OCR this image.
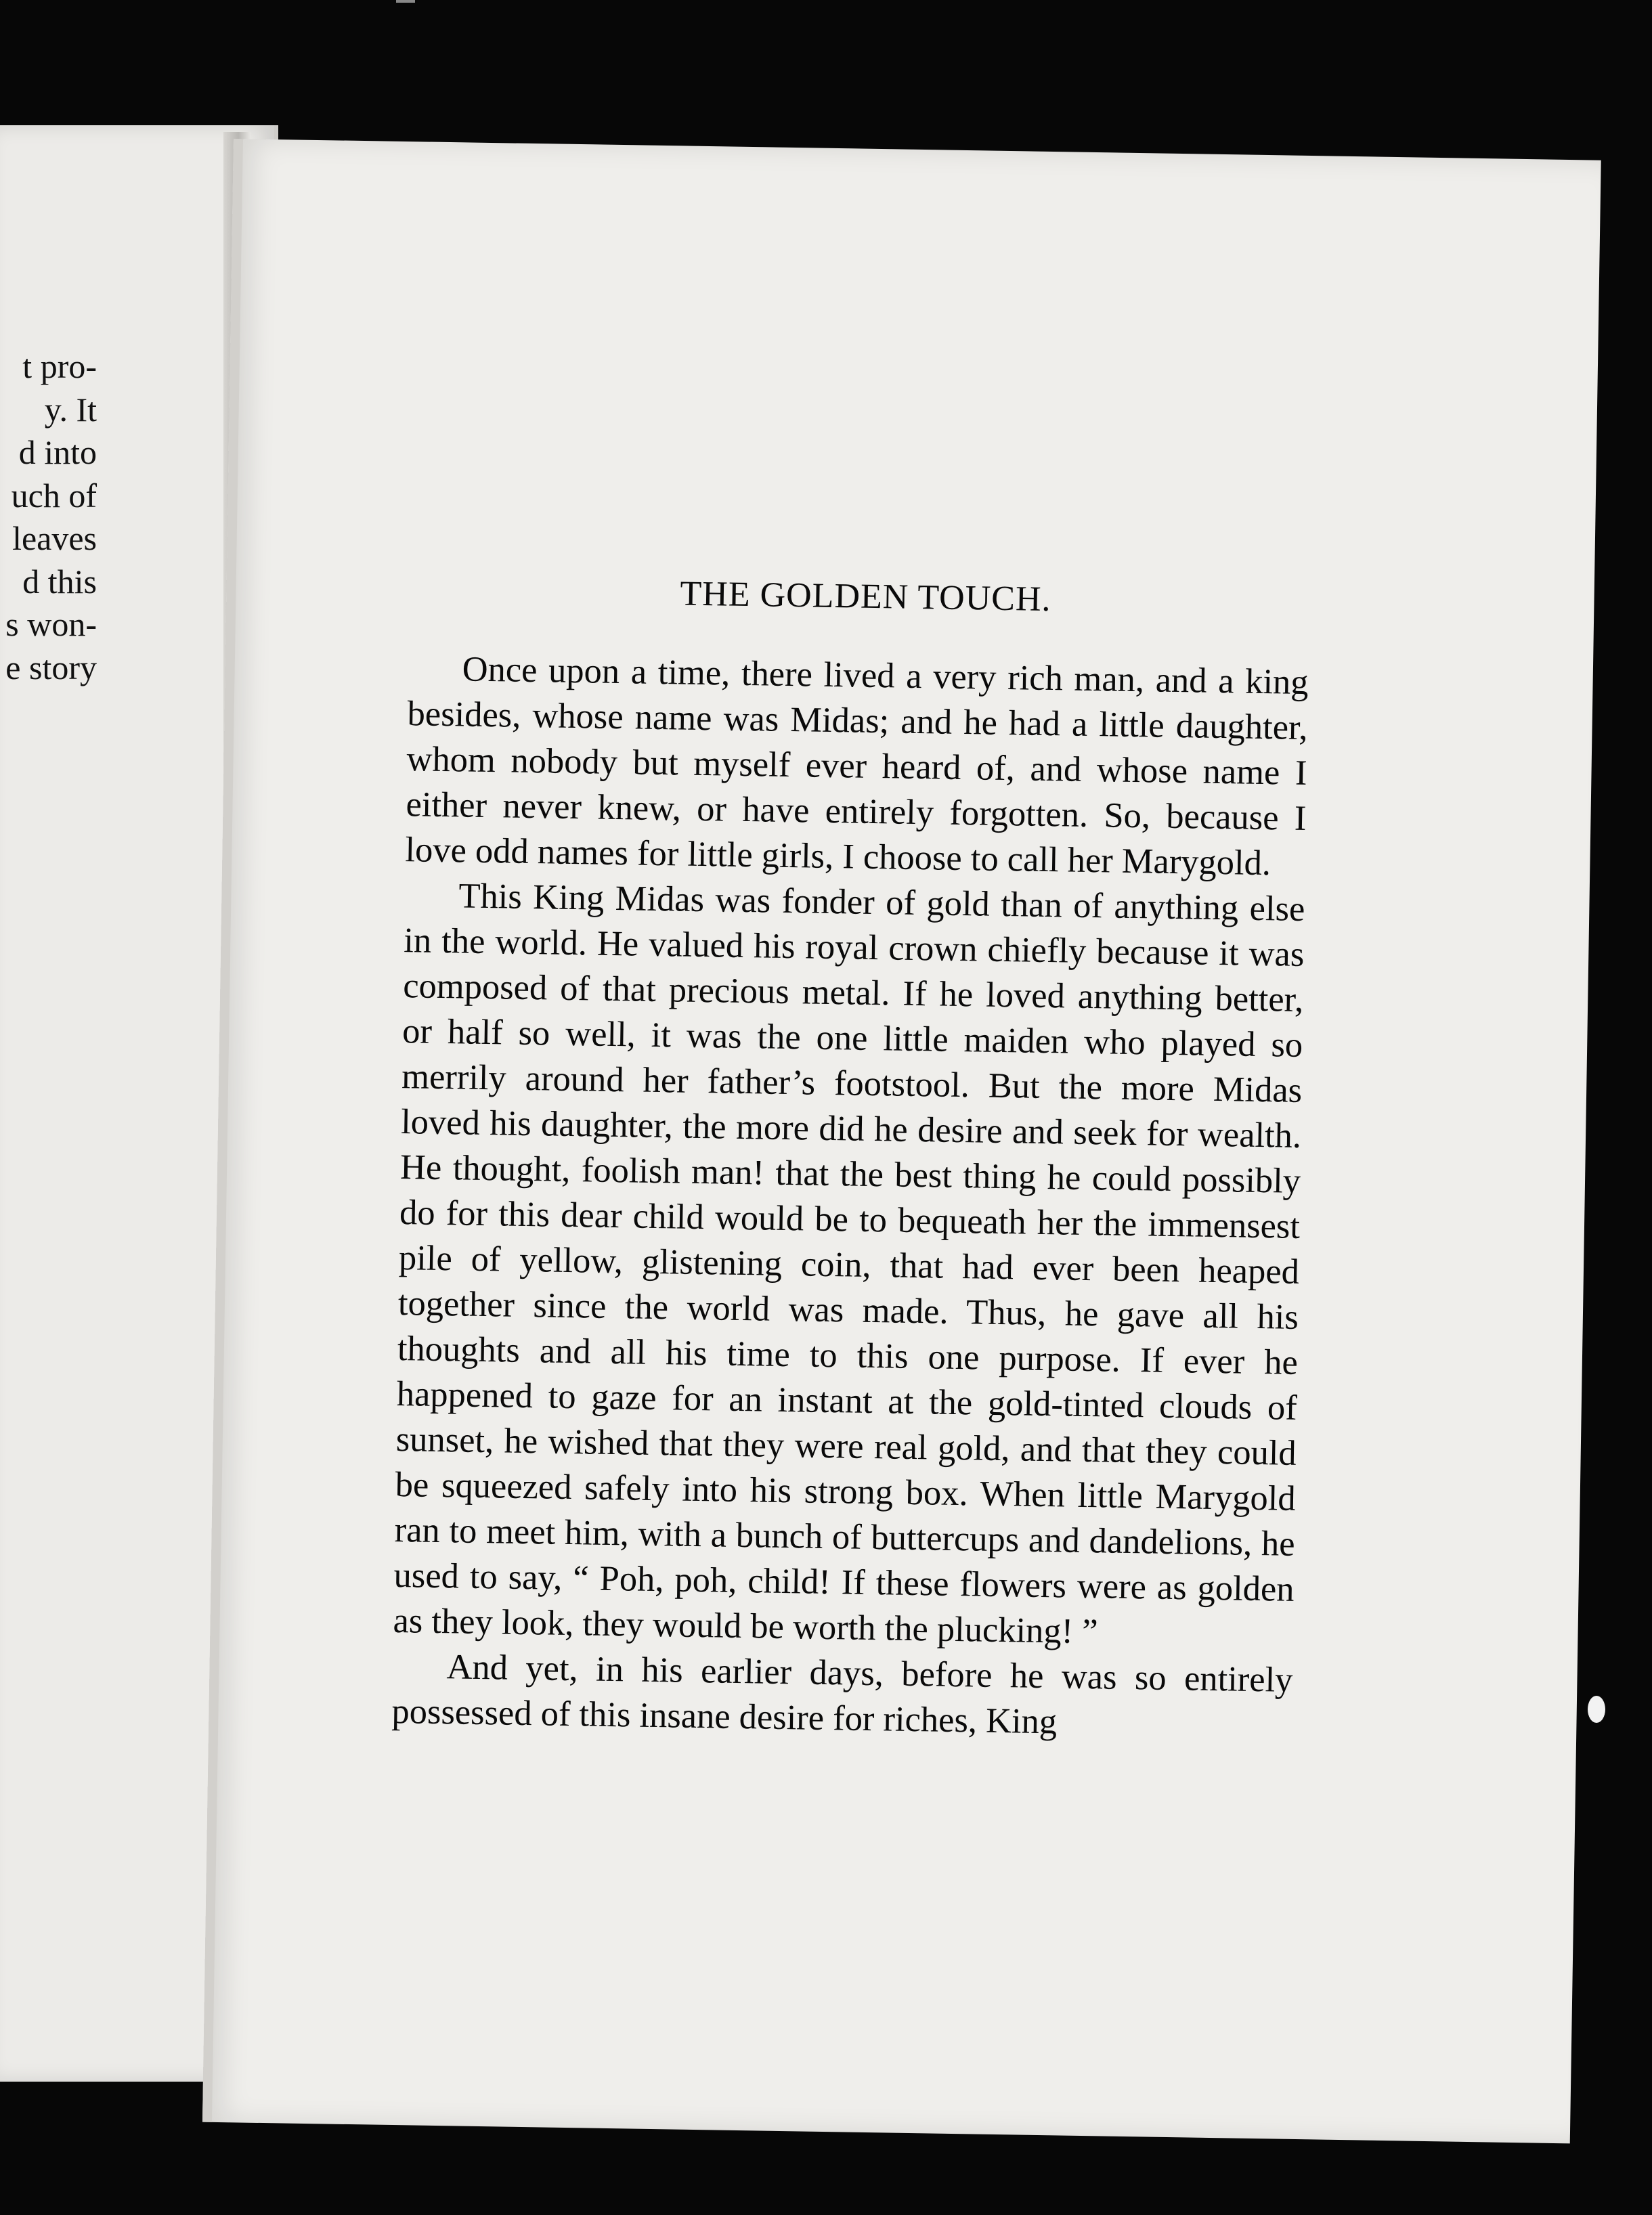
t pro-
y. It
d into
uch of
leaves
d this
s won-
e story
THE GOLDEN TOUCH.

Once upon a time, there lived a very rich man, and a king besides, whose name was Midas; and he had a little daughter, whom nobody but myself ever heard of, and whose name I either never knew, or have entirely forgotten. So, because I love odd names for little girls, I choose to call her Marygold.

This King Midas was fonder of gold than of anything else in the world. He valued his royal crown chiefly because it was composed of that precious metal. If he loved anything better, or half so well, it was the one little maiden who played so merrily around her father’s footstool. But the more Midas loved his daughter, the more did he desire and seek for wealth. He thought, foolish man! that the best thing he could possibly do for this dear child would be to bequeath her the immensest pile of yellow, glistening coin, that had ever been heaped together since the world was made. Thus, he gave all his thoughts and all his time to this one purpose. If ever he happened to gaze for an instant at the gold-tinted clouds of sunset, he wished that they were real gold, and that they could be squeezed safely into his strong box. When little Marygold ran to meet him, with a bunch of buttercups and dandelions, he used to say, “ Poh, poh, child! If these flowers were as golden as they look, they would be worth the plucking! ”

And yet, in his earlier days, before he was so entirely possessed of this insane desire for riches, King
